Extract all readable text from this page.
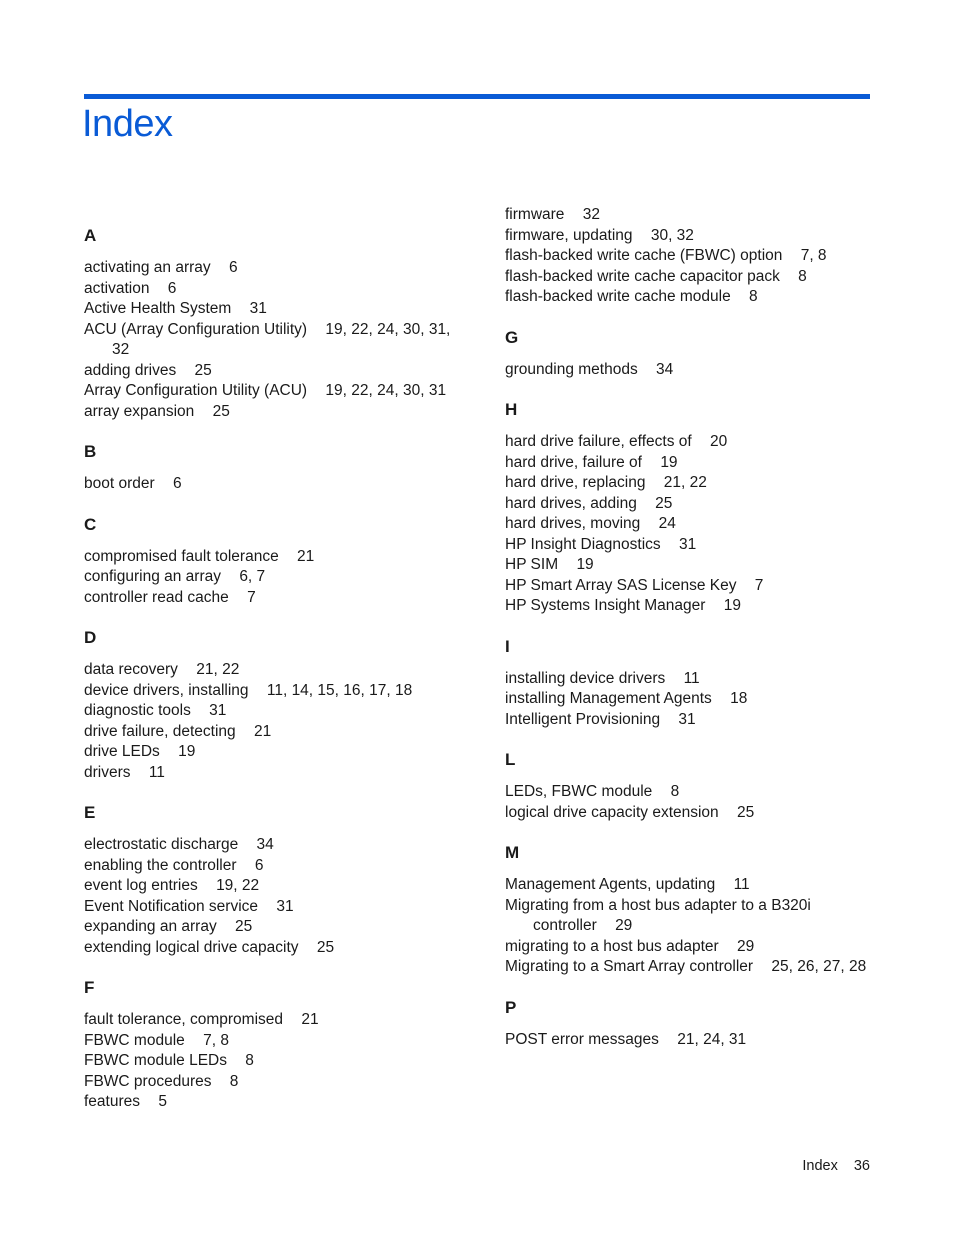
Index
A
activating an array 6
activation 6
Active Health System 31
ACU (Array Configuration Utility) 19, 22, 24, 30, 31, 32
adding drives 25
Array Configuration Utility (ACU) 19, 22, 24, 30, 31
array expansion 25
B
boot order 6
C
compromised fault tolerance 21
configuring an array 6, 7
controller read cache 7
D
data recovery 21, 22
device drivers, installing 11, 14, 15, 16, 17, 18
diagnostic tools 31
drive failure, detecting 21
drive LEDs 19
drivers 11
E
electrostatic discharge 34
enabling the controller 6
event log entries 19, 22
Event Notification service 31
expanding an array 25
extending logical drive capacity 25
F
fault tolerance, compromised 21
FBWC module 7, 8
FBWC module LEDs 8
FBWC procedures 8
features 5
firmware 32
firmware, updating 30, 32
flash-backed write cache (FBWC) option 7, 8
flash-backed write cache capacitor pack 8
flash-backed write cache module 8
G
grounding methods 34
H
hard drive failure, effects of 20
hard drive, failure of 19
hard drive, replacing 21, 22
hard drives, adding 25
hard drives, moving 24
HP Insight Diagnostics 31
HP SIM 19
HP Smart Array SAS License Key 7
HP Systems Insight Manager 19
I
installing device drivers 11
installing Management Agents 18
Intelligent Provisioning 31
L
LEDs, FBWC module 8
logical drive capacity extension 25
M
Management Agents, updating 11
Migrating from a host bus adapter to a B320i controller 29
migrating to a host bus adapter 29
Migrating to a Smart Array controller 25, 26, 27, 28
P
POST error messages 21, 24, 31
Index 36
